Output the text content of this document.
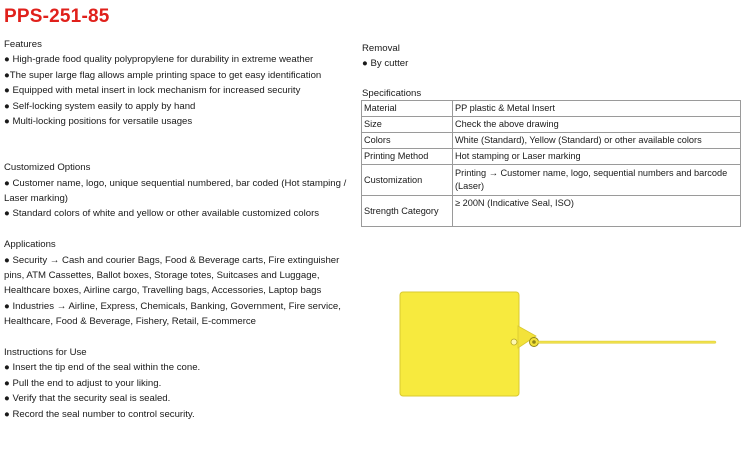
PPS-251-85
Features
● High-grade food quality polypropylene for durability in extreme weather
●The super large flag allows ample printing space to get easy identification
● Equipped with metal insert in lock mechanism for increased security
● Self-locking system easily to apply by hand
● Multi-locking positions for versatile usages
Customized Options
● Customer name, logo, unique sequential numbered, bar coded (Hot stamping / Laser marking)
● Standard colors of white and yellow or other available customized colors
Applications
● Security → Cash and courier Bags, Food & Beverage carts, Fire extinguisher pins, ATM Cassettes, Ballot boxes, Storage totes, Suitcases and Luggage, Healthcare boxes, Airline cargo, Travelling bags, Accessories, Laptop bags
● Industries → Airline, Express, Chemicals, Banking, Government, Fire service, Healthcare, Food & Beverage, Fishery, Retail, E-commerce
Instructions for Use
● Insert the tip end of the seal within the cone.
● Pull the end to adjust to your liking.
● Verify that the security seal is sealed.
● Record the seal number to control security.
Removal
● By cutter
Specifications
Material	PP plastic & Metal Insert
Size	Check the above drawing
Colors	White (Standard), Yellow (Standard) or other available colors
Printing Method	Hot stamping or Laser marking
Customization	Printing → Customer name, logo, sequential numbers and barcode (Laser)
Strength Category	≥ 200N (Indicative Seal, ISO)
